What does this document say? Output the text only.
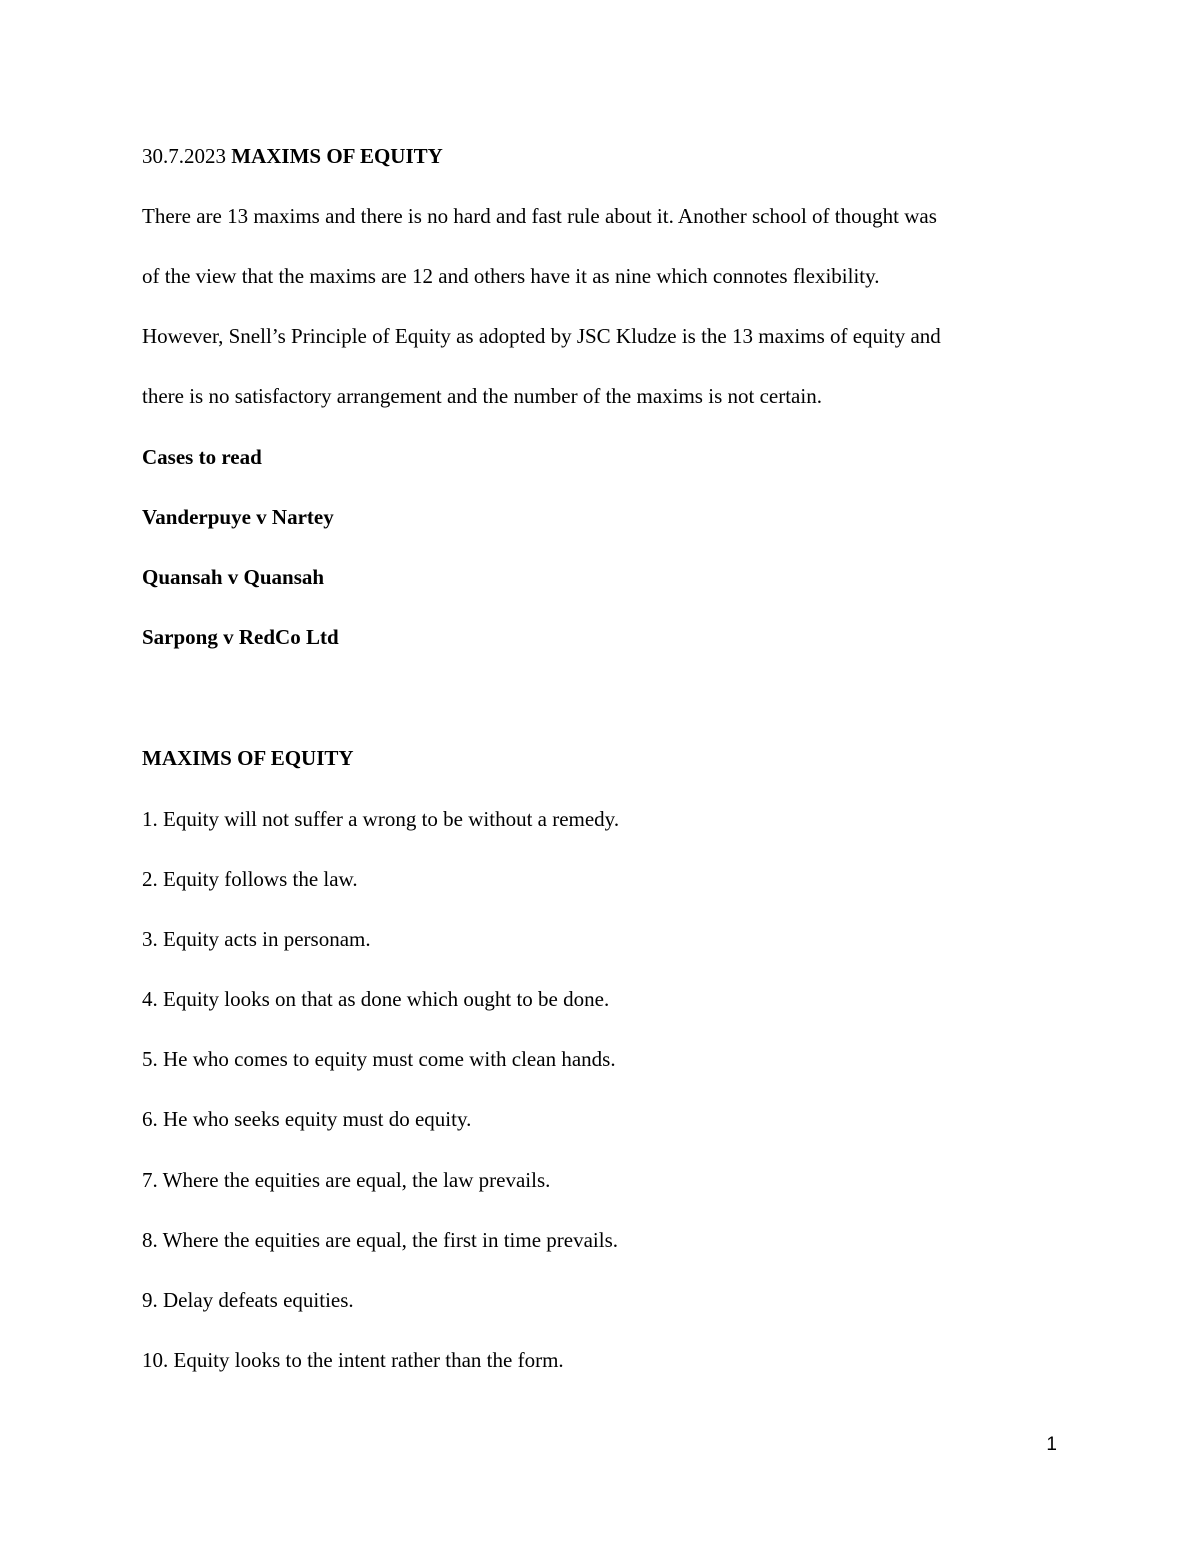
30.7.2023 MAXIMS OF EQUITY
There are 13 maxims and there is no hard and fast rule about it. Another school of thought was
of the view that the maxims are 12 and others have it as nine which connotes flexibility.
However, Snell’s Principle of Equity as adopted by JSC Kludze is the 13 maxims of equity and
there is no satisfactory arrangement and the number of the maxims is not certain.
Cases to read
Vanderpuye v Nartey
Quansah v Quansah
Sarpong v RedCo Ltd
MAXIMS OF EQUITY
1. Equity will not suffer a wrong to be without a remedy.
2. Equity follows the law.
3. Equity acts in personam.
4. Equity looks on that as done which ought to be done.
5. He who comes to equity must come with clean hands.
6. He who seeks equity must do equity.
7. Where the equities are equal, the law prevails.
8. Where the equities are equal, the first in time prevails.
9. Delay defeats equities.
10. Equity looks to the intent rather than the form.
1
